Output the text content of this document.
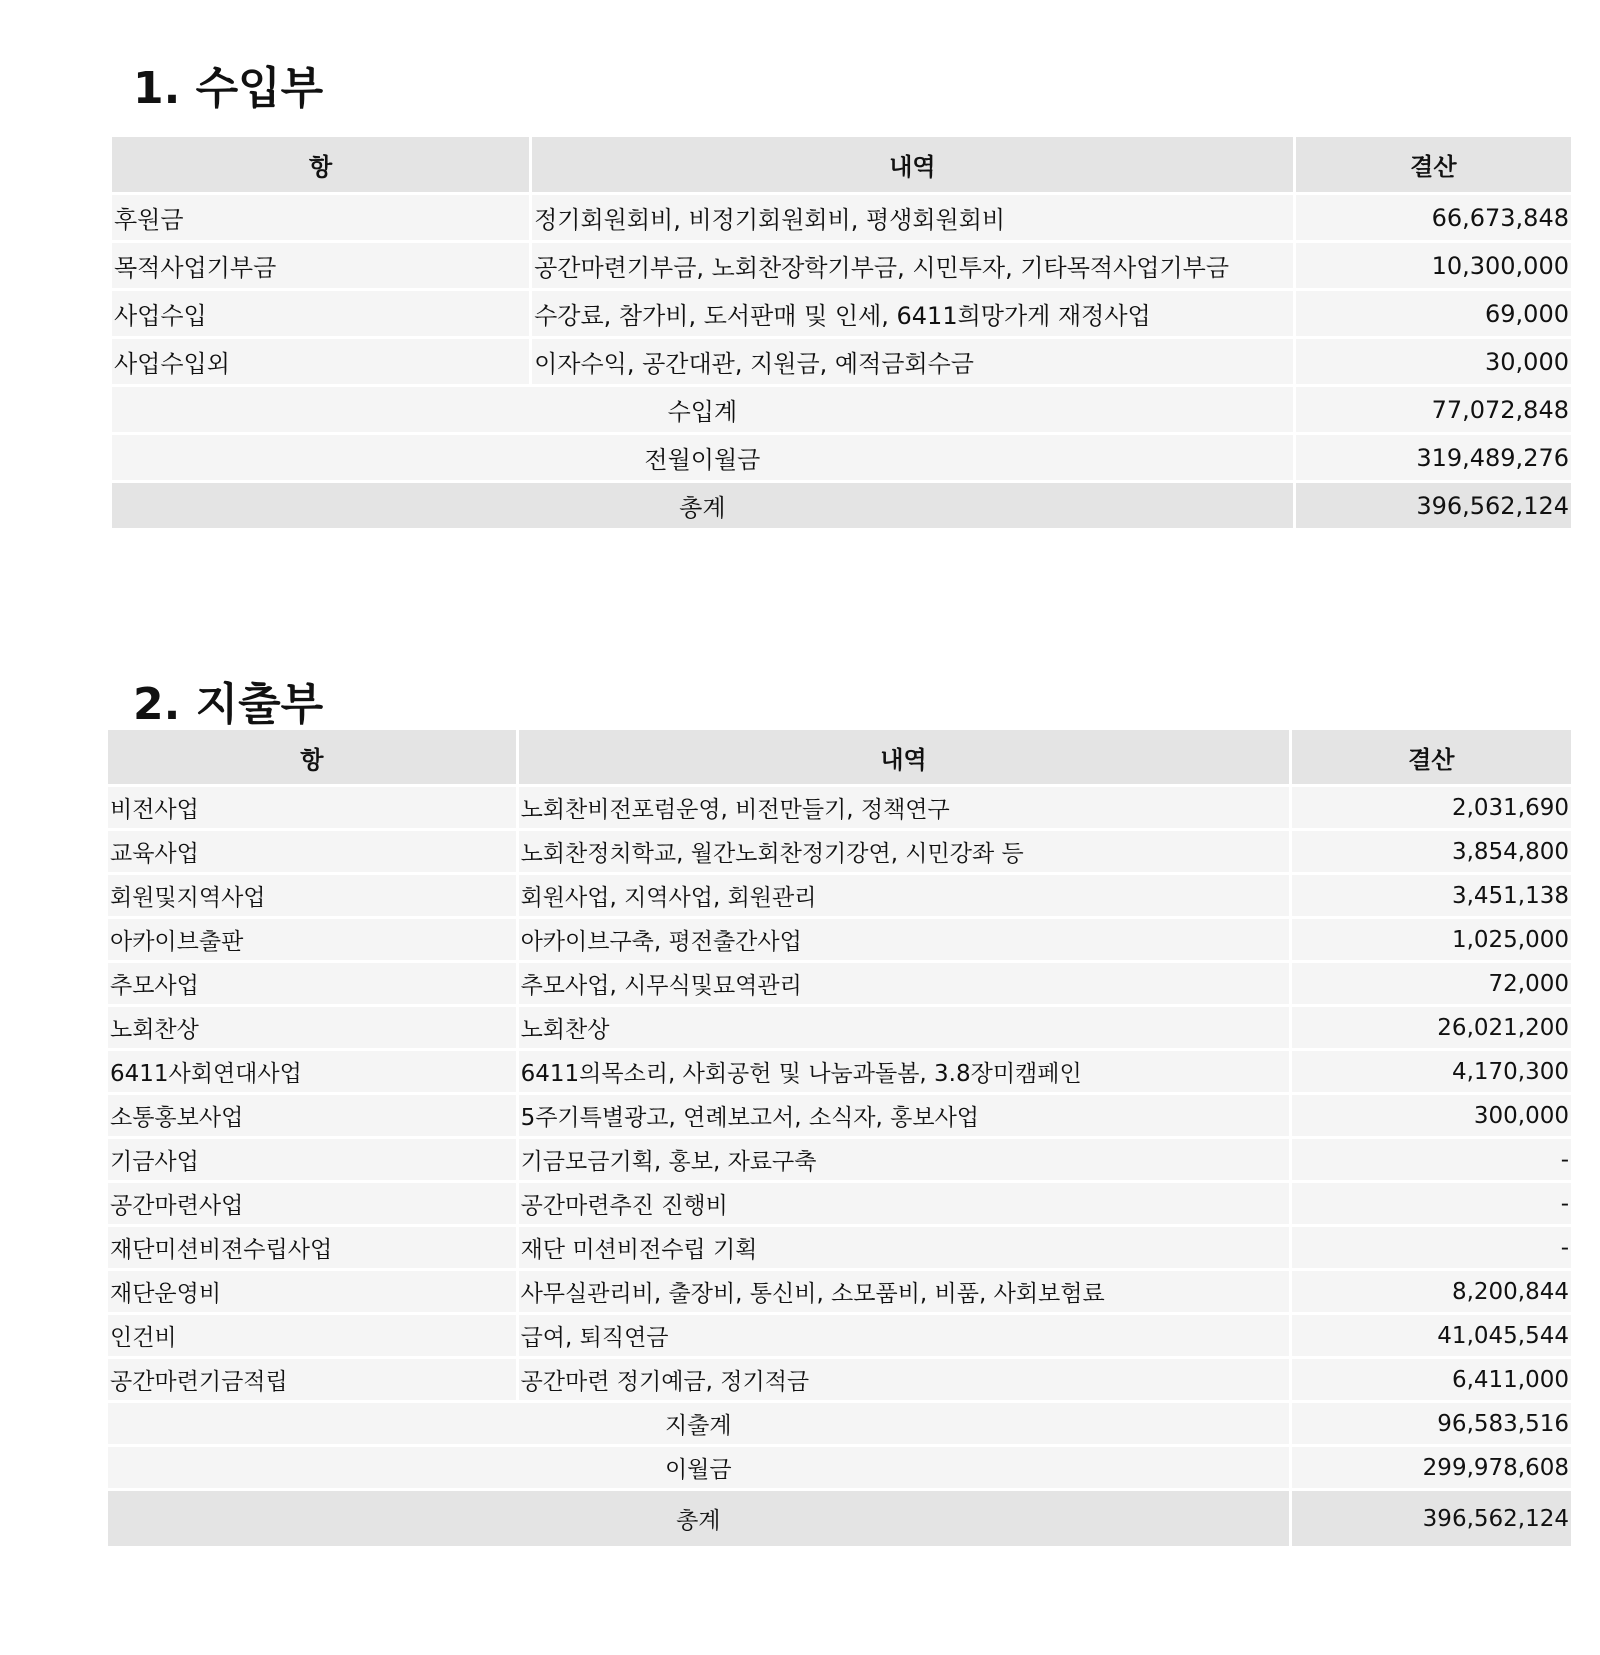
1. 수입부
항	내역	결산
후원금	정기회원회비, 비정기회원회비, 평생회원회비	66,673,848
목적사업기부금	공간마련기부금, 노회찬장학기부금, 시민투자, 기타목적사업기부금	10,300,000
사업수입	수강료, 참가비, 도서판매 및 인세, 6411희망가게 재정사업	69,000
사업수입외	이자수익, 공간대관, 지원금, 예적금회수금	30,000
수입계		77,072,848
전월이월금		319,489,276
총계		396,562,124
2. 지출부
항	내역	결산
비전사업	노회찬비전포럼운영, 비전만들기, 정책연구	2,031,690
교육사업	노회찬정치학교, 월간노회찬정기강연, 시민강좌 등	3,854,800
회원및지역사업	회원사업, 지역사업, 회원관리	3,451,138
아카이브출판	아카이브구축, 평전출간사업	1,025,000
추모사업	추모사업, 시무식및묘역관리	72,000
노회찬상	노회찬상	26,021,200
6411사회연대사업	6411의목소리, 사회공헌 및 나눔과돌봄, 3.8장미캠페인	4,170,300
소통홍보사업	5주기특별광고, 연례보고서, 소식자, 홍보사업	300,000
기금사업	기금모금기획, 홍보, 자료구축	-
공간마련사업	공간마련추진 진행비	-
재단미션비젼수립사업	재단 미션비전수립 기획	-
재단운영비	사무실관리비, 출장비, 통신비, 소모품비, 비품, 사회보험료	8,200,844
인건비	급여, 퇴직연금	41,045,544
공간마련기금적립	공간마련 정기예금, 정기적금	6,411,000
지출계		96,583,516
이월금		299,978,608
총계		396,562,124
